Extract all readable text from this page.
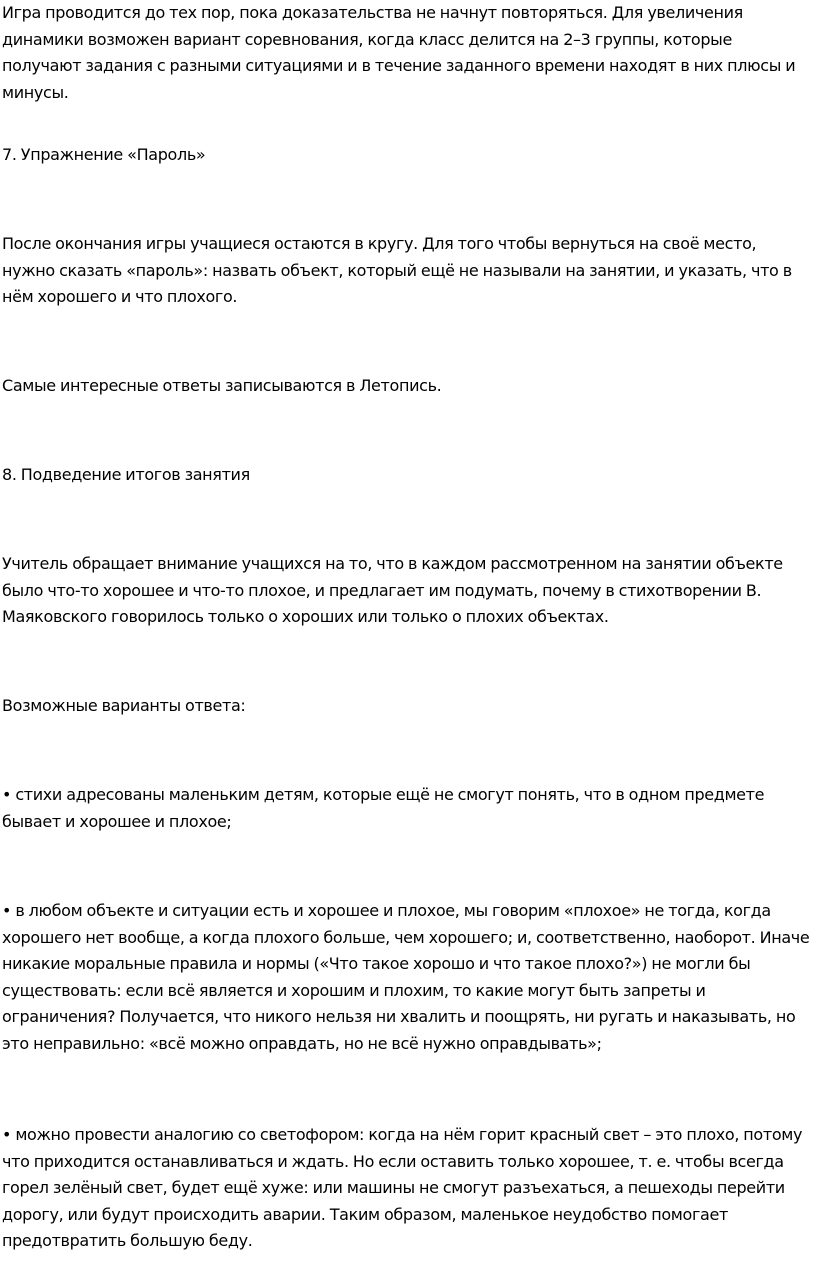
Игра проводится до тех пор, пока доказательства не начнут повторяться. Для увеличения динамики возможен вариант соревнования, когда класс делится на 2–3 группы, которые получают задания с разными ситуациями и в течение заданного времени находят в них плюсы и минусы.

7. Упражнение «Пароль»

После окончания игры учащиеся остаются в кругу. Для того чтобы вернуться на своё место, нужно сказать «пароль»: назвать объект, который ещё не называли на занятии, и указать, что в нём хорошего и что плохого.

Самые интересные ответы записываются в Летопись.

8. Подведение итогов занятия

Учитель обращает внимание учащихся на то, что в каждом рассмотренном на занятии объекте было что-то хорошее и что-то плохое, и предлагает им подумать, почему в стихотворении В. Маяковского говорилось только о хороших или только о плохих объектах.

Возможные варианты ответа:

• стихи адресованы маленьким детям, которые ещё не смогут понять, что в одном предмете бывает и хорошее и плохое;

• в любом объекте и ситуации есть и хорошее и плохое, мы говорим «плохое» не тогда, когда хорошего нет вообще, а когда плохого больше, чем хорошего; и, соответственно, наоборот. Иначе никакие моральные правила и нормы («Что такое хорошо и что такое плохо?») не могли бы существовать: если всё является и хорошим и плохим, то какие могут быть запреты и ограничения? Получается, что никого нельзя ни хвалить и поощрять, ни ругать и наказывать, но это неправильно: «всё можно оправдать, но не всё нужно оправдывать»;

• можно провести аналогию со светофором: когда на нём горит красный свет – это плохо, потому что приходится останавливаться и ждать. Но если оставить только хорошее, т. е. чтобы всегда горел зелёный свет, будет ещё хуже: или машины не смогут разъехаться, а пешеходы перейти дорогу, или будут происходить аварии. Таким образом, маленькое неудобство помогает предотвратить большую беду.
